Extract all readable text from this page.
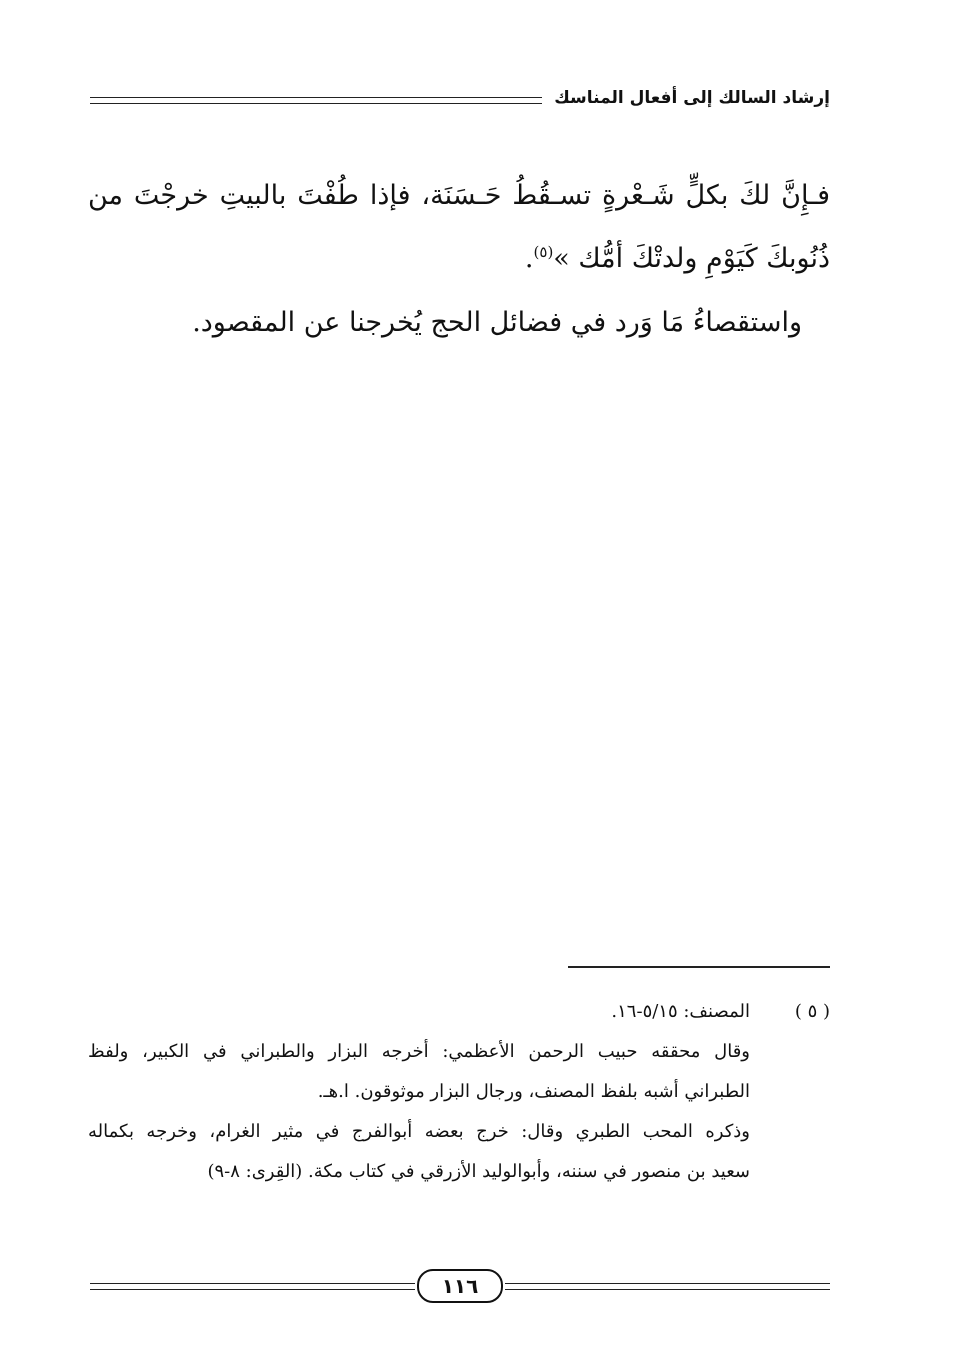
إرشاد السالك إلى أفعال المناسك

فـإِنَّ لكَ بكلٍّ شَـعْرةٍ تسـقُطُ حَـسَنَة، فإذا طُفْتَ بالبيتِ خرجْتَ من ذُنُوبكَ كَيَوْمِ ولدتْكَ أمُّك »$^{(٥)}$.

واستقصاءُ مَا وَرد في فضائل الحج يُخرجنا عن المقصود.

( ٥ )
المصنف: ٥/١٥-١٦.
وقال محققه حبيب الرحمن الأعظمي: أخرجه البزار والطبراني في الكبير، ولفظ
الطبراني أشبه بلفظ المصنف، ورجال البزار موثوقون. ا.هـ.
وذكره المحب الطبري وقال: خرج بعضه أبوالفرج في مثير الغرام، وخرجه بكماله
سعيد بن منصور في سننه، وأبوالوليد الأزرقي في كتاب مكة. (القِرى: ٨-٩)
١١٦
